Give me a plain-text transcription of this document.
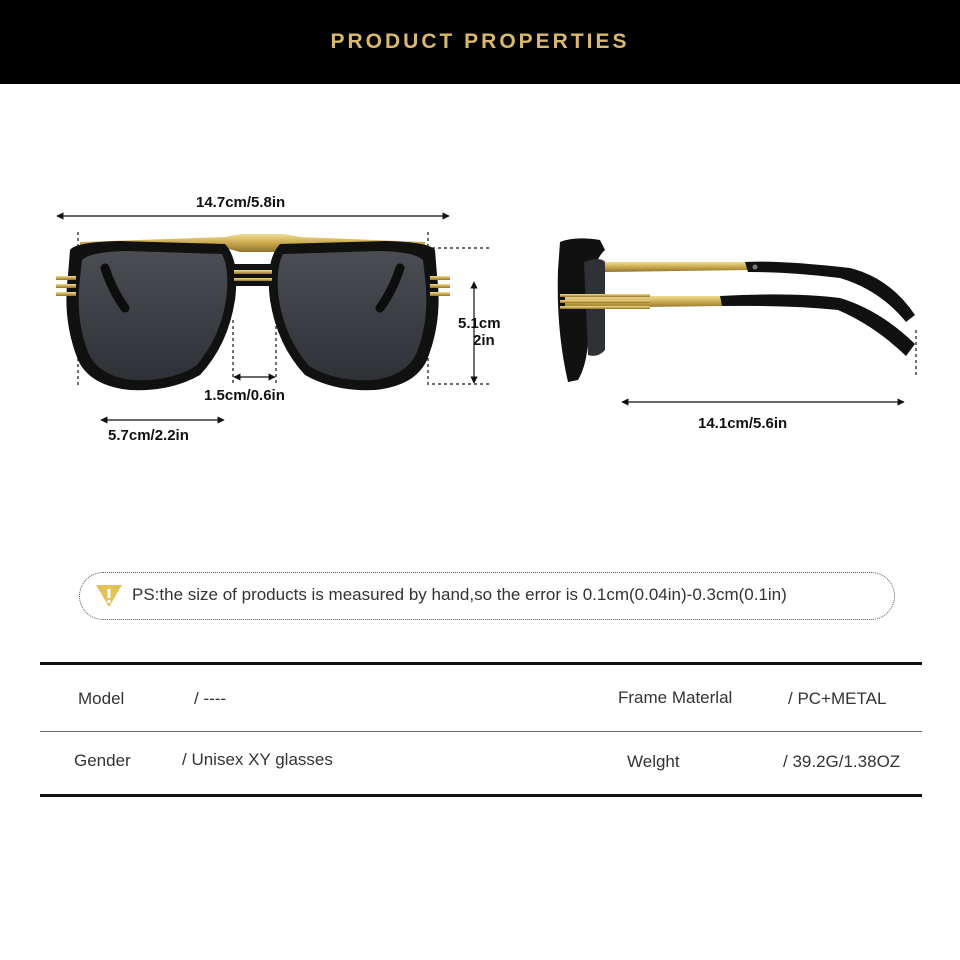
PRODUCT PROPERTIES
14.7cm/5.8in
5.1cm
2in
1.5cm/0.6in
5.7cm/2.2in
14.1cm/5.6in
PS:the size of products is measured by hand,so the error is 0.1cm(0.04in)-0.3cm(0.1in)
Model	/ ----	Frame Materlal	/ PC+METAL
Gender	/ Unisex XY glasses	Welght	/ 39.2G/1.38OZ
